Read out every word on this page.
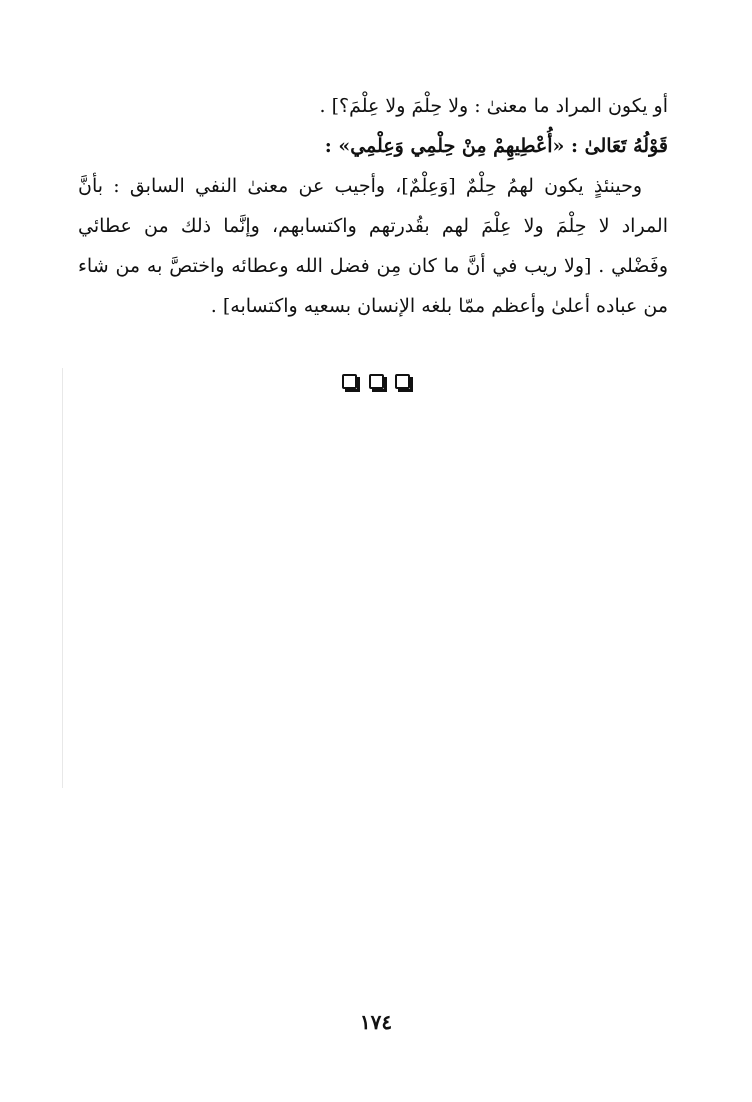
أو يكون المراد ما معنىٰ : ولا حِلْمَ ولا عِلْمَ؟] .
قَوْلُهُ تَعَالىٰ : «أُعْطِيهِمْ مِنْ حِلْمِي وَعِلْمِي» :
وحينئذٍ يكون لهمُ حِلْمٌ [وَعِلْمٌ]، وأجيب عن معنىٰ النفي السابق : بأنَّ
المراد لا حِلْمَ ولا عِلْمَ لهم بقُدرتهم واكتسابهم، وإنَّما ذلك من عطائي
وفَضْلي . [ولا ريب في أنَّ ما كان مِن فضل الله وعطائه واختصَّ به من شاء
من عباده أعلىٰ وأعظم ممّا بلغه الإنسان بسعيه واكتسابه] .

١٧٤
